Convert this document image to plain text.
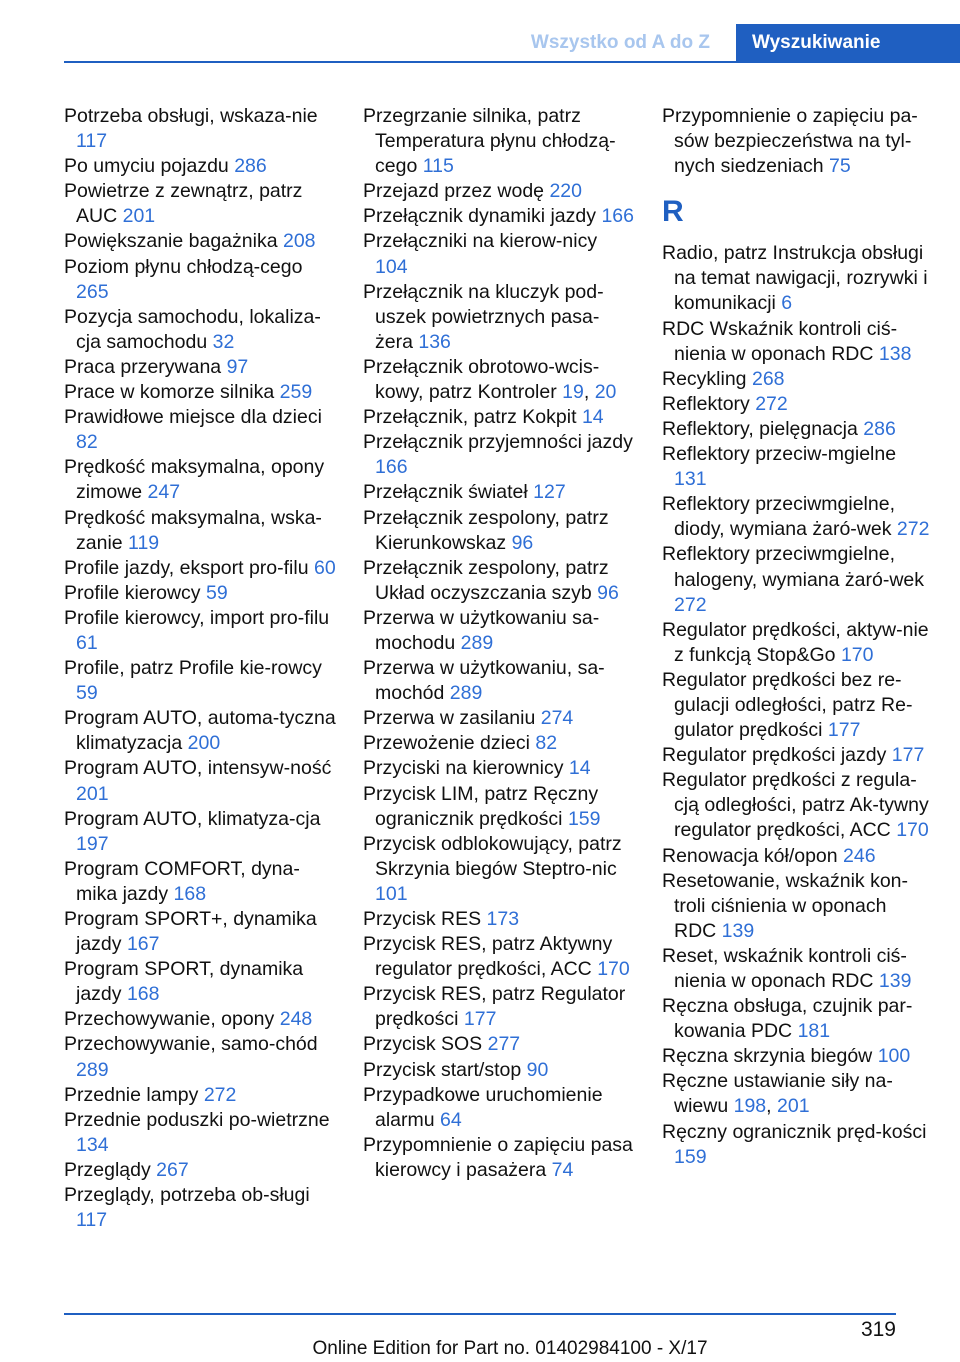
Wszystko od A do Z	Wyszukiwanie

Potrzeba obsługi, wskaza-nie 117

Po umyciu pojazdu 286

Powietrze z zewnątrz, patrz AUC 201

Powiększanie bagażnika 208

Poziom płynu chłodzą-cego 265

Pozycja samochodu, lokaliza-cja samochodu 32

Praca przerywana 97

Prace w komorze silnika 259

Prawidłowe miejsce dla dzieci 82

Prędkość maksymalna, opony zimowe 247

Prędkość maksymalna, wska-zanie 119

Profile jazdy, eksport pro-filu 60

Profile kierowcy 59

Profile kierowcy, import pro-filu 61

Profile, patrz Profile kie-rowcy 59

Program AUTO, automa-tyczna klimatyzacja 200

Program AUTO, intensyw-ność 201

Program AUTO, klimatyza-cja 197

Program COMFORT, dyna-mika jazdy 168

Program SPORT+, dynamika jazdy 167

Program SPORT, dynamika jazdy 168

Przechowywanie, opony 248

Przechowywanie, samo-chód 289

Przednie lampy 272

Przednie poduszki po-wietrzne 134

Przeglądy 267

Przeglądy, potrzeba ob-sługi 117

Przegrzanie silnika, patrz Temperatura płynu chłodzą-cego 115

Przejazd przez wodę 220

Przełącznik dynamiki jazdy 166

Przełączniki na kierow-nicy 104

Przełącznik na kluczyk pod-uszek powietrznych pasa-żera 136

Przełącznik obrotowo-wcis-kowy, patrz Kontroler 19, 20

Przełącznik, patrz Kokpit 14

Przełącznik przyjemności jazdy 166

Przełącznik świateł 127

Przełącznik zespolony, patrz Kierunkowskaz 96

Przełącznik zespolony, patrz Układ oczyszczania szyb 96

Przerwa w użytkowaniu sa-mochodu 289

Przerwa w użytkowaniu, sa-mochód 289

Przerwa w zasilaniu 274

Przewożenie dzieci 82

Przyciski na kierownicy 14

Przycisk LIM, patrz Ręczny ogranicznik prędkości 159

Przycisk odblokowujący, patrz Skrzynia biegów Steptro-nic 101

Przycisk RES 173

Przycisk RES, patrz Aktywny regulator prędkości, ACC 170

Przycisk RES, patrz Regulator prędkości 177

Przycisk SOS 277

Przycisk start/stop 90

Przypadkowe uruchomienie alarmu 64

Przypomnienie o zapięciu pasa kierowcy i pasażera 74

Przypomnienie o zapięciu pa-sów bezpieczeństwa na tyl-nych siedzeniach 75

R

Radio, patrz Instrukcja obsługi na temat nawigacji, rozrywki i komunikacji 6

RDC Wskaźnik kontroli ciś-nienia w oponach RDC 138

Recykling 268

Reflektory 272

Reflektory, pielęgnacja 286

Reflektory przeciw-mgielne 131

Reflektory przeciwmgielne, diody, wymiana żaró-wek 272

Reflektory przeciwmgielne, halogeny, wymiana żaró-wek 272

Regulator prędkości, aktyw-nie z funkcją Stop&Go 170

Regulator prędkości bez re-gulacji odległości, patrz Re-gulator prędkości 177

Regulator prędkości jazdy 177

Regulator prędkości z regula-cją odległości, patrz Ak-tywny regulator prędkości, ACC 170

Renowacja kół/opon 246

Resetowanie, wskaźnik kon-troli ciśnienia w oponach RDC 139

Reset, wskaźnik kontroli ciś-nienia w oponach RDC 139

Ręczna obsługa, czujnik par-kowania PDC 181

Ręczna skrzynia biegów 100

Ręczne ustawianie siły na-wiewu 198, 201

Ręczny ogranicznik pręd-kości 159

319
Online Edition for Part no. 01402984100 - X/17
